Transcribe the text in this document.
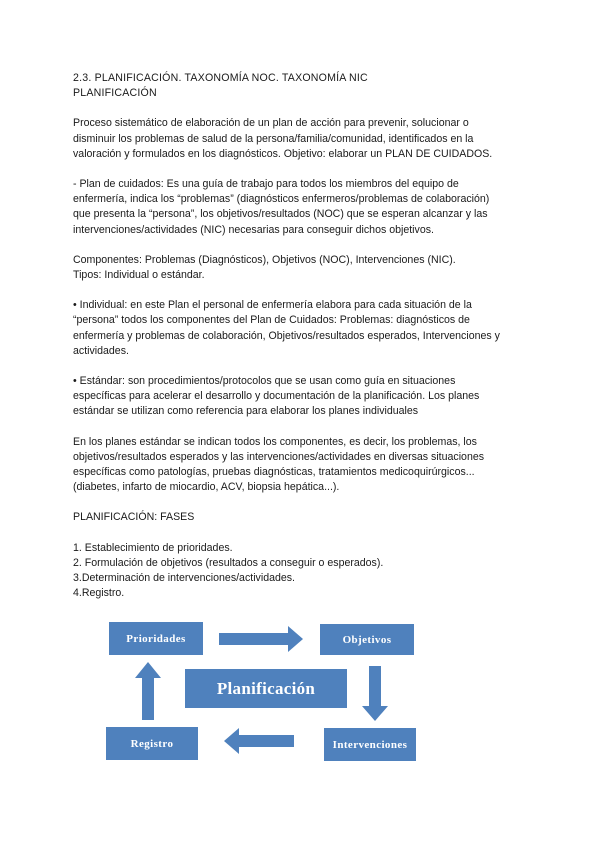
2.3. PLANIFICACIÓN. TAXONOMÍA NOC. TAXONOMÍA NIC

PLANIFICACIÓN

Proceso sistemático de elaboración de un plan de acción para prevenir, solucionar o

disminuir los problemas de salud de la persona/familia/comunidad, identificados en la

valoración y formulados en los diagnósticos. Objetivo: elaborar un PLAN DE CUIDADOS.

- Plan de cuidados: Es una guía de trabajo para todos los miembros del equipo de

enfermería, indica los “problemas” (diagnósticos enfermeros/problemas de colaboración)

que presenta la “persona”, los objetivos/resultados (NOC) que se esperan alcanzar y las

intervenciones/actividades (NIC) necesarias para conseguir dichos objetivos.

Componentes: Problemas (Diagnósticos), Objetivos (NOC), Intervenciones (NIC).

Tipos: Individual o estándar.

• Individual: en este Plan el personal de enfermería elabora para cada situación de la

“persona” todos los componentes del Plan de Cuidados: Problemas: diagnósticos de

enfermería y problemas de colaboración, Objetivos/resultados esperados, Intervenciones y

actividades.

• Estándar: son procedimientos/protocolos que se usan como guía en situaciones

específicas para acelerar el desarrollo y documentación de la planificación. Los planes

estándar se utilizan como referencia para elaborar los planes individuales

En los planes estándar se indican todos los componentes, es decir, los problemas, los

objetivos/resultados esperados y las intervenciones/actividades en diversas situaciones

específicas como patologías, pruebas diagnósticas, tratamientos medicoquirúrgicos...

(diabetes, infarto de miocardio, ACV, biopsia hepática...).

PLANIFICACIÓN: FASES

1. Establecimiento de prioridades.

2. Formulación de objetivos (resultados a conseguir o esperados).

3.Determinación de intervenciones/actividades.

4.Registro.

Prioridades	Objetivos
Planificación
Intervenciones
Registro
